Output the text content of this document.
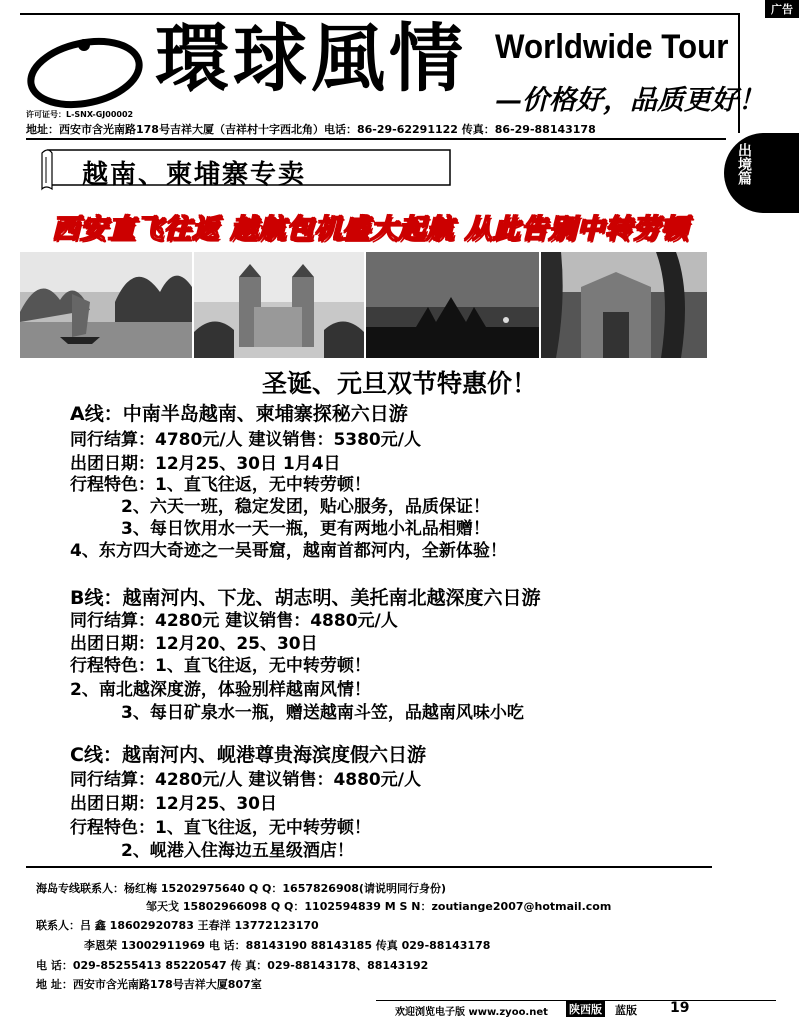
广告
環球風情 Worldwide Tour
—价格好，品质更好！
许可证号：L-SNX-GJ00002
地址：西安市含光南路178号吉祥大厦（吉祥村十字西北角）电话：86-29-62291122 传真：86-29-88143178
出境篇
越南、柬埔寨专卖
西安直飞往返 越航包机盛大起航 从此告别中转劳顿
圣诞、元旦双节特惠价！
A线：中南半岛越南、柬埔寨探秘六日游
同行结算：4780元/人 建议销售：5380元/人
出团日期：12月25、30日 1月4日
行程特色：1、直飞往返，无中转劳顿！
2、六天一班，稳定发团，贴心服务，品质保证！
3、每日饮用水一天一瓶，更有两地小礼品相赠！
4、东方四大奇迹之一吴哥窟，越南首都河内，全新体验！
B线：越南河内、下龙、胡志明、美托南北越深度六日游
同行结算：4280元 建议销售：4880元/人
出团日期：12月20、25、30日
行程特色：1、直飞往返，无中转劳顿！
2、南北越深度游，体验别样越南风情！
3、每日矿泉水一瓶，赠送越南斗笠，品越南风味小吃
C线：越南河内、岘港尊贵海滨度假六日游
同行结算：4280元/人 建议销售：4880元/人
出团日期：12月25、30日
行程特色：1、直飞往返，无中转劳顿！
2、岘港入住海边五星级酒店！
海岛专线联系人：杨红梅 15202975640 Q Q：1657826908(请说明同行身份)
邹天戈 15802966098 Q Q：1102594839 M S N：zoutiange2007@hotmail.com
联系人：吕 鑫 18602920783 王春洋 13772123170
李恩荣 13002911969 电 话：88143190 88143185 传真 029-88143178
电 话：029-85255413 85220547 传 真：029-88143178、88143192
地 址：西安市含光南路178号吉祥大厦807室
欢迎浏览电子版 www.zyoo.net 陕西版 蓝版 19
